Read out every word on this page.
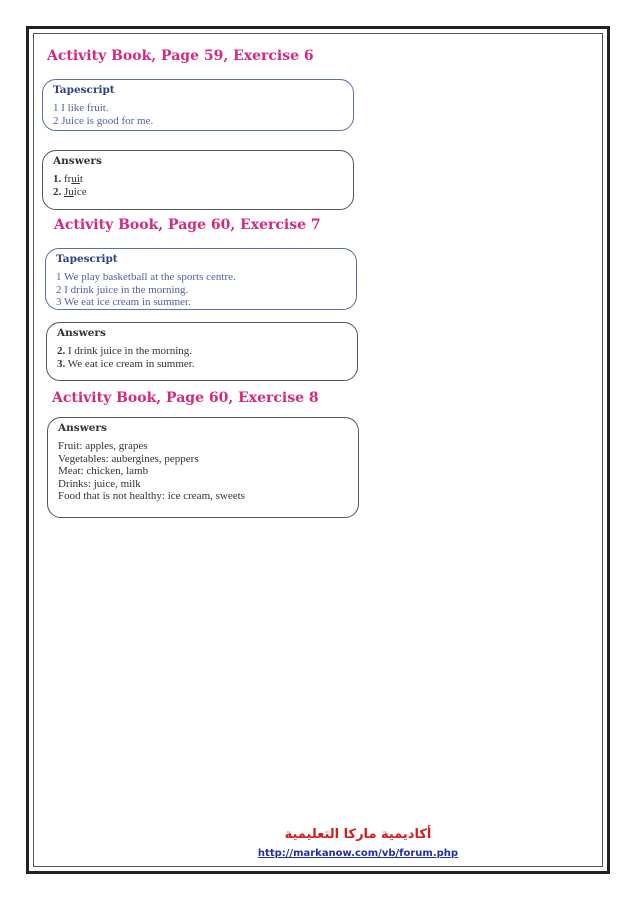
Activity Book, Page 59, Exercise 6

Tapescript

1 I like fruit.

2 Juice is good for me.

Answers

1. fruit

2. Juice

Activity Book, Page 60, Exercise 7

Tapescript

1 We play basketball at the sports centre.

2 I drink juice in the morning.

3 We eat ice cream in summer.

Answers

2. I drink juice in the morning.

3. We eat ice cream in summer.

Activity Book, Page 60, Exercise 8

Answers

Fruit: apples, grapes

Vegetables: aubergines, peppers

Meat: chicken, lamb

Drinks: juice, milk

Food that is not healthy: ice cream, sweets

أكاديمية ماركا التعليمية
http://markanow.com/vb/forum.php
